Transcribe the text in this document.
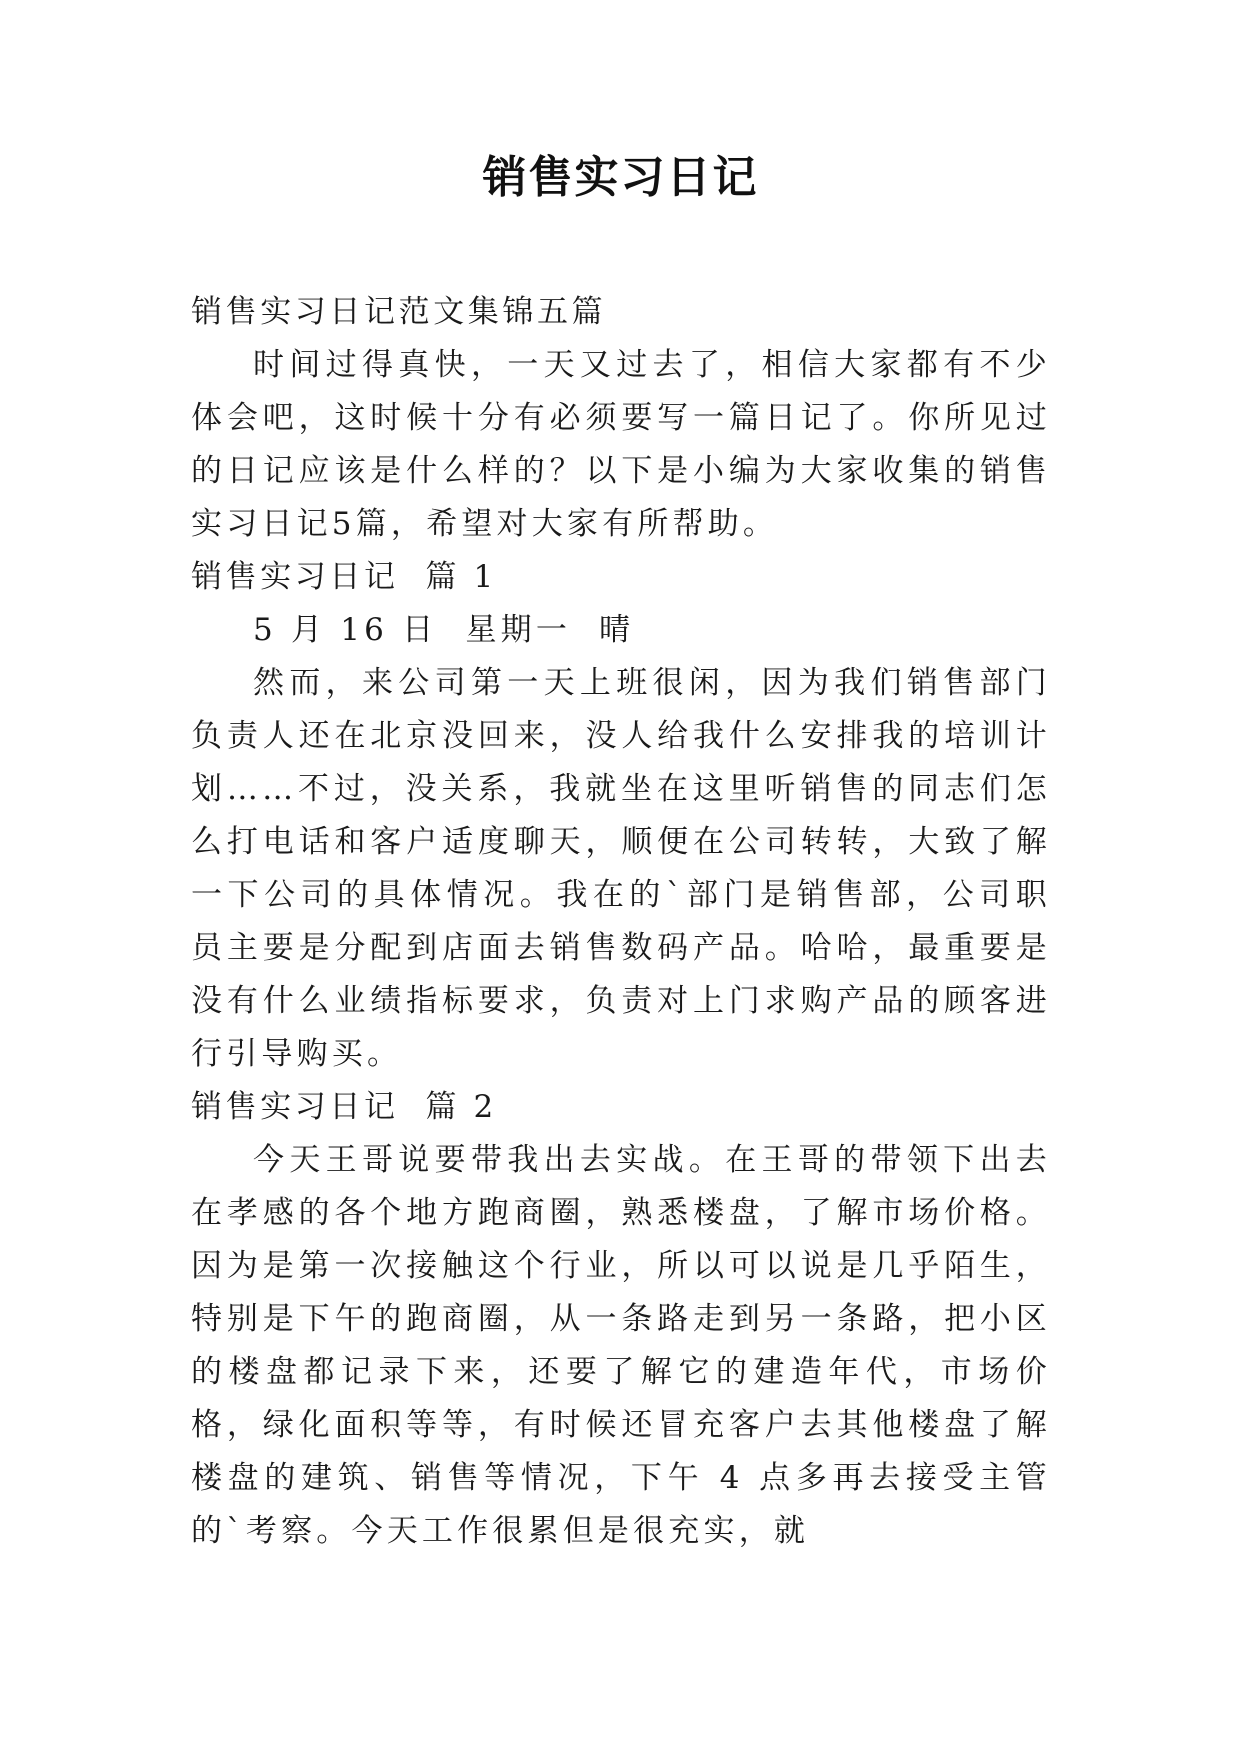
销售实习日记

销售实习日记范文集锦五篇

时间过得真快，一天又过去了，相信大家都有不少体会吧，这时候十分有必须要写一篇日记了。你所见过的日记应该是什么样的？以下是小编为大家收集的销售实习日记5篇，希望对大家有所帮助。

销售实习日记  篇 1

5 月 16 日  星期一  晴

然而，来公司第一天上班很闲，因为我们销售部门负责人还在北京没回来，没人给我什么安排我的培训计划……不过，没关系，我就坐在这里听销售的同志们怎么打电话和客户适度聊天，顺便在公司转转，大致了解一下公司的具体情况。我在的`部门是销售部，公司职员主要是分配到店面去销售数码产品。哈哈，最重要是没有什么业绩指标要求，负责对上门求购产品的顾客进行引导购买。

销售实习日记  篇 2

今天王哥说要带我出去实战。在王哥的带领下出去在孝感的各个地方跑商圈，熟悉楼盘，了解市场价格。因为是第一次接触这个行业，所以可以说是几乎陌生，特别是下午的跑商圈，从一条路走到另一条路，把小区的楼盘都记录下来，还要了解它的建造年代，市场价格，绿化面积等等，有时候还冒充客户去其他楼盘了解楼盘的建筑、销售等情况，下午 4 点多再去接受主管的`考察。今天工作很累但是很充实，就
